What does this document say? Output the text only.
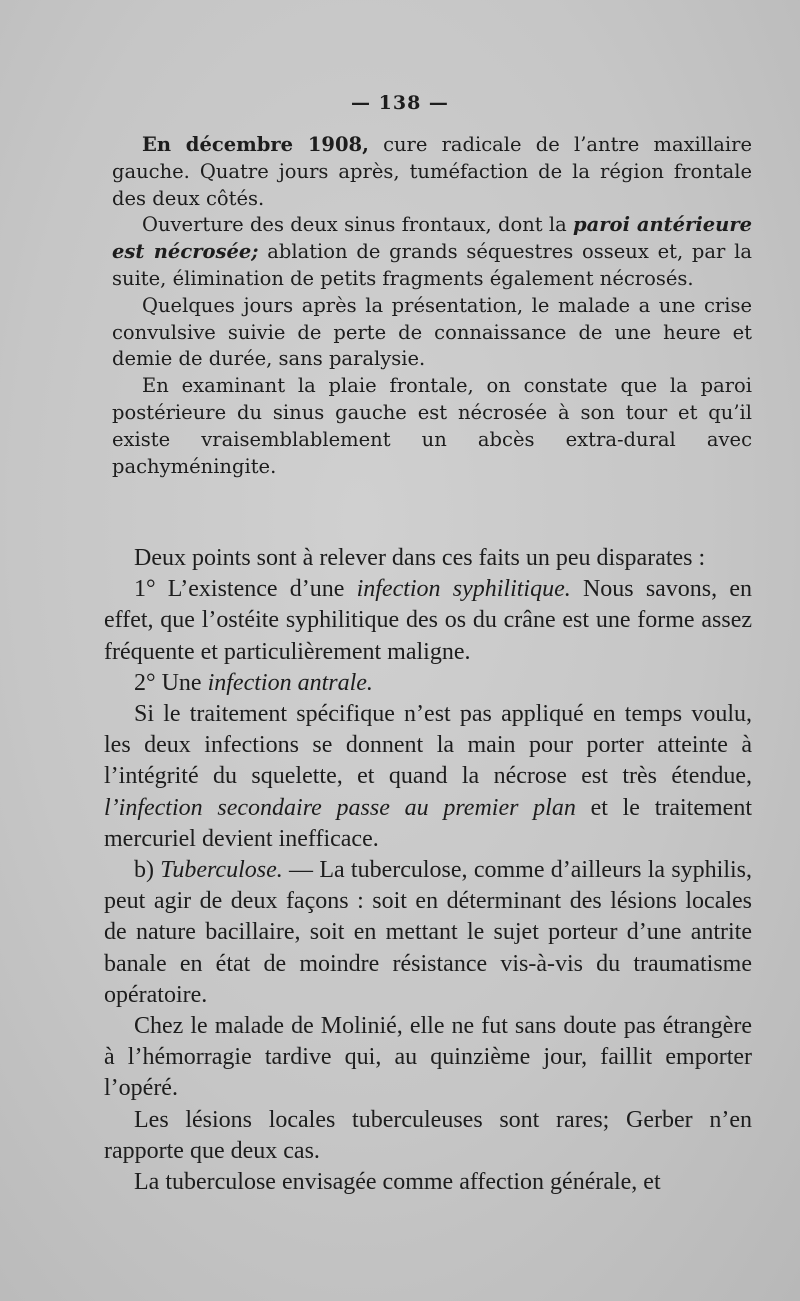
— 138 —

En décembre 1908, cure radicale de l’antre maxillaire gauche. Quatre jours après, tuméfaction de la région frontale des deux côtés.

Ouverture des deux sinus frontaux, dont la paroi antérieure est nécrosée; ablation de grands séquestres osseux et, par la suite, élimination de petits fragments également nécrosés.

Quelques jours après la présentation, le malade a une crise convulsive suivie de perte de connaissance de une heure et demie de durée, sans paralysie.

En examinant la plaie frontale, on constate que la paroi postérieure du sinus gauche est nécrosée à son tour et qu’il existe vraisemblablement un abcès extra-dural avec pachyméningite.

Deux points sont à relever dans ces faits un peu disparates :

1° L’existence d’une infection syphilitique. Nous savons, en effet, que l’ostéite syphilitique des os du crâne est une forme assez fréquente et particulièrement maligne.

2° Une infection antrale.

Si le traitement spécifique n’est pas appliqué en temps voulu, les deux infections se donnent la main pour porter atteinte à l’intégrité du squelette, et quand la nécrose est très étendue, l’infection secondaire passe au premier plan et le traitement mercuriel devient inefficace.

b) Tuberculose. — La tuberculose, comme d’ailleurs la syphilis, peut agir de deux façons : soit en déterminant des lésions locales de nature bacillaire, soit en mettant le sujet porteur d’une antrite banale en état de moindre résistance vis-à-vis du traumatisme opératoire.

Chez le malade de Molinié, elle ne fut sans doute pas étrangère à l’hémorragie tardive qui, au quinzième jour, faillit emporter l’opéré.

Les lésions locales tuberculeuses sont rares; Gerber n’en rapporte que deux cas.

La tuberculose envisagée comme affection générale, et
